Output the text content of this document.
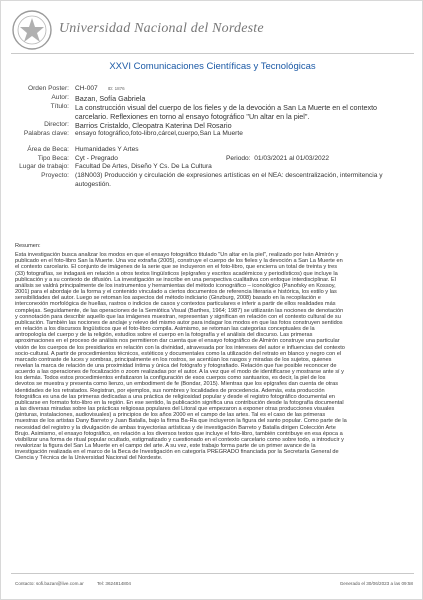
Universidad Nacional del Nordeste
XXVI Comunicaciones Científicas y Tecnológicas
Orden Poster: CH-007 $^{ID: 1876}$
Autor: Bazan, Sofía Gabriela
Título: La construcción visual del cuerpo de los fieles y de la devoción a San La Muerte en el contexto
carcelario. Reflexiones en torno al ensayo fotográfico "Un altar en la piel".
Director: Barrios Cristaldo, Cleopatra Katerina Del Rosario
Palabras clave: ensayo fotográfico,foto-libro,cárcel,cuerpo,San La Muerte
Área de Beca: Humanidades Y Artes
Tipo Beca: Cyt - Pregrado	Periodo: 01/03/2021 al 01/03/2022
Lugar de trabajo: Facultad De Artes, Diseño Y Cs. De La Cultura
Proyecto: (18N003) Producción y circulación de expresiones artísticas en el NEA: descentralización, intermitencia y
autogestión.
Resumen:
Esta investigación busca analizar los modos en que el ensayo fotográfico titulado "Un altar en la piel", realizado por Iván Almirón y
publicado en el foto-libro San la Muerte. Una voz extraña (2005), construye el cuerpo de los fieles y la devoción a San La Muerte en
el contexto carcelario. El conjunto de imágenes de la serie que se incluyeron en el foto-libro, que encierra un total de treinta y tres
(33) fotografías, se indagará en relación a otros textos lingüísticos (epígrafes y escritos académicos y periodísticos) que incluye la
publicación y a su contexto de difusión. La investigación se inscribe en una perspectiva cualitativa con enfoque interdisciplinar. El
análisis se valdrá principalmente de los instrumentos y herramientas del método iconográfico – iconológico (Panofsky en Kossoy,
2001) para el abordaje de la forma y el contenido vinculado a ciertos documentos de referencia literaria e histórica, los estilo y las
sensibilidades del autor. Luego se retoman los aspectos del método indiciario (Ginzburg, 2008) basado en la recopilación e
interconexión morfológica de huellas, rastros o indicios de casos y contextos particulares e inferir a partir de ellos realidades más
complejas. Seguidamente, de las operaciones de la Semiótica Visual (Barthes, 1964; 1987) se utilizarán las nociones de denotación
y connotación para describir aquello que las imágenes muestran, representan y significan en relación con el contexto cultural de su
publicación. También las nociones de anclaje y relevo del mismo autor para indagar los modos en que las fotos construyen sentidos
en relación a los discursos lingüísticos que el foto-libro compila. Asimismo, se retoman las categorías conceptuales de la
antropología del cuerpo y de la religión, estudios sobre el cuerpo en la fotografía y el análisis del discurso. Las primeras
aproximaciones en el proceso de análisis nos permitieron dar cuenta que el ensayo fotográfico de Almirón construye una particular
visión de los cuerpos de los presidiarios en relación con la divinidad, atravesada por los intereses del autor e influencias del contexto
socio-cultural. A partir de procedimientos técnicos, estéticos y documentales como la utilización del retrato en blanco y negro con el
marcado contraste de luces y sombras, principalmente en los rostros, se acentúan los rasgos y miradas de los sujetos, quienes
revelan la marca de relación de una proximidad íntima y única del fotógrafo y fotografiado. Relación que fue posible reconocer de
acuerdo a las operaciones de focalización o zoom realizadas por el autor. A la vez que el modo de identificarse y mostrarse ante sí y
los demás. Todos estos procedimientos enfatizaron la configuración de esos cuerpos como santuarios, es decir, la piel de los
devotos se muestra y presenta como lienzo, un embodiment de fe (Bondar, 2015). Mientras que los epígrafes dan cuenta de otras
identidades de los retratados. Registran, por ejemplos, sus nombres y localidades de procedencia. Además, esta producción
fotográfica es una de las primeras dedicadas a una práctica de religiosidad popular y desde el registro fotográfico documental en
publicarse en formato foto-libro en la región. En ese sentido, la publicación significa una contribución desde la fotografía documental
a las diversas miradas sobre las prácticas religiosas populares del Litoral que empezaron a exponer otras producciones visuales
(pinturas, instalaciones, audiovisuales) a principios de los años 2000 en el campo de las artes. Tal es el caso de las primeras
muestras de los artistas Dany Barreto y Juan Batalla, bajo la firma Ba-Ra que incluyeron la figura del santo popular. Como parte de la
necesidad del registro y la divulgación de ambas trayectorias artísticas y de investigación Barreto y Batalla dirigen Colección Arte
Brujo. Asimismo, el ensayo fotográfico, en relación a los diversos textos que incluye el foto-libro, también contribuye en esa época a
visibilizar una forma de ritual popular ocultado, estigmatizado y cuestionado en el contexto carcelario como sobre todo, a introducir y
revalorizar la figura del San La Muerte en el campo del arte. A su vez, este trabajo forma parte de un primer avance de la
investigación realizada en el marco de la Beca de Investigación en categoría PREGRADO financiada por la Secretaría General de
Ciencia y Técnica de la Universidad Nacional del Nordeste.
Contacto: sofi.bazan@live.com.ar	Tel: 3624814804	Generado el 30/06/2023 a las 09:58
